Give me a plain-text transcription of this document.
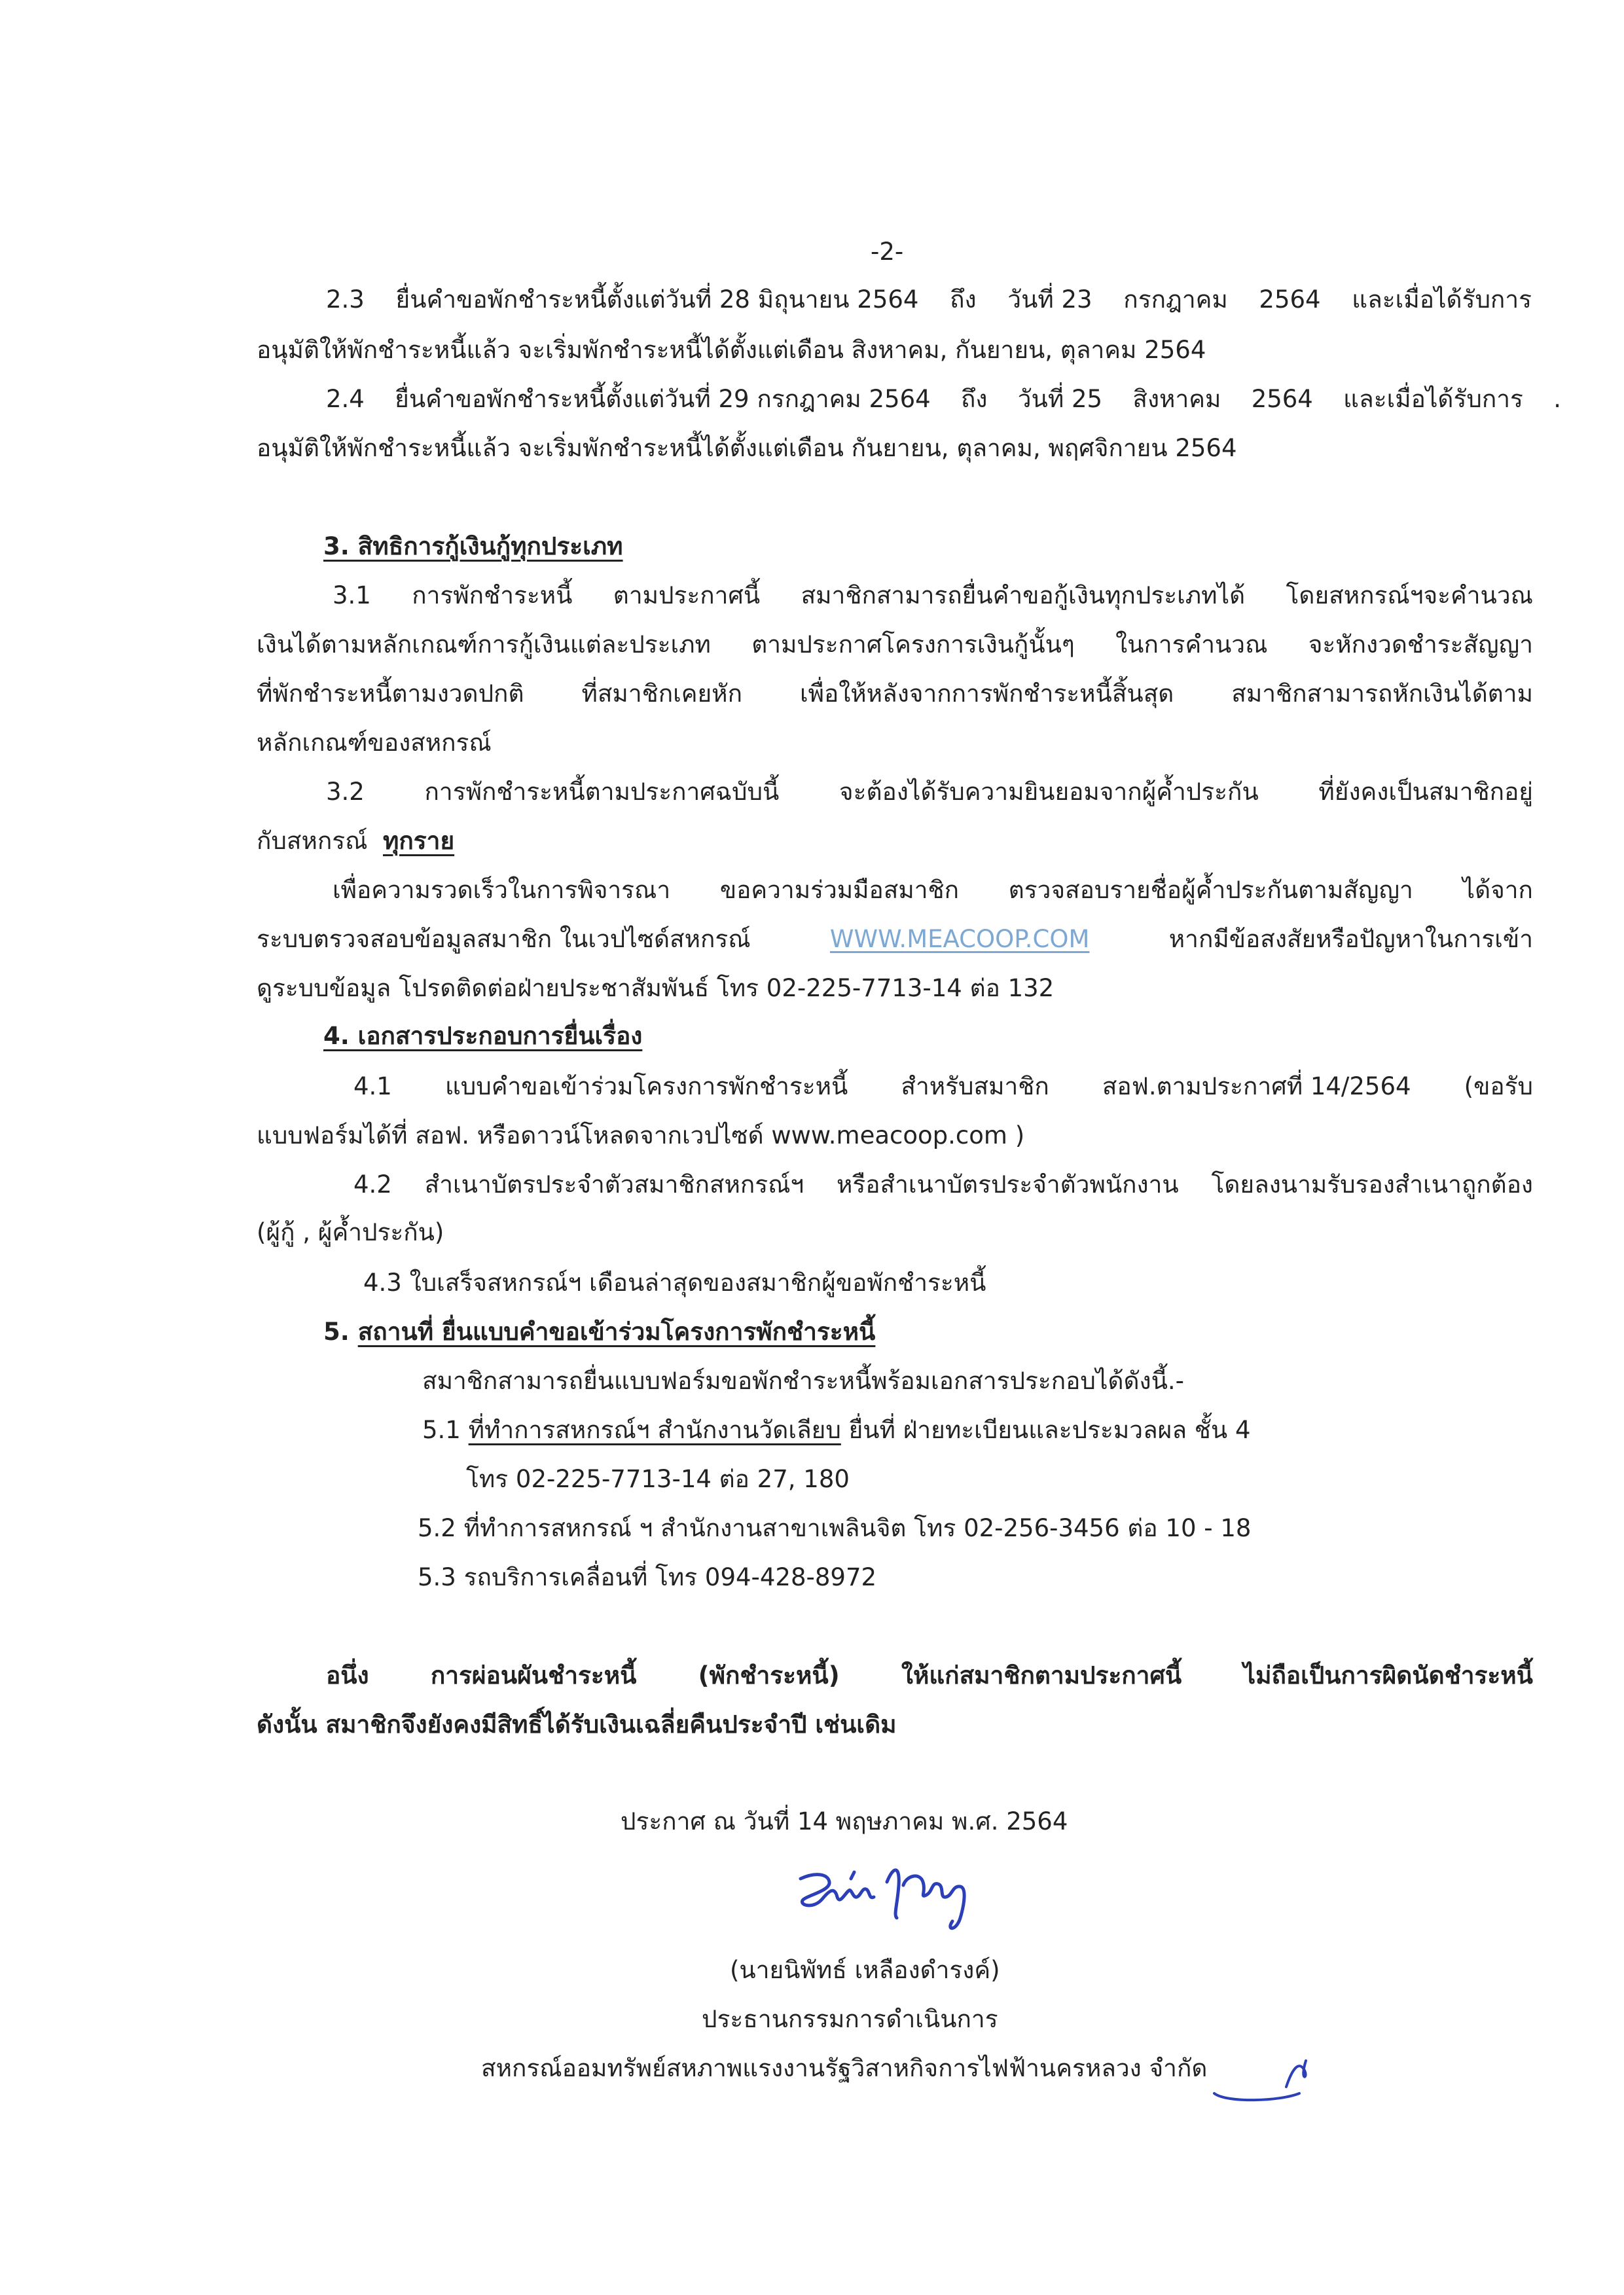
-2-
2.3 ยื่นคำขอพักชำระหนี้ตั้งแต่วันที่ 28 มิถุนายน 2564 ถึง วันที่ 23 กรกฎาคม 2564 และเมื่อได้รับการ
อนุมัติให้พักชำระหนี้แล้ว จะเริ่มพักชำระหนี้ได้ตั้งแต่เดือน สิงหาคม, กันยายน, ตุลาคม 2564
2.4 ยื่นคำขอพักชำระหนี้ตั้งแต่วันที่ 29 กรกฎาคม 2564 ถึง วันที่ 25 สิงหาคม 2564 และเมื่อได้รับการ .
อนุมัติให้พักชำระหนี้แล้ว จะเริ่มพักชำระหนี้ได้ตั้งแต่เดือน กันยายน, ตุลาคม, พฤศจิกายน 2564
3. สิทธิการกู้เงินกู้ทุกประเภท
3.1 การพักชำระหนี้ ตามประกาศนี้ สมาชิกสามารถยื่นคำขอกู้เงินทุกประเภทได้ โดยสหกรณ์ฯจะคำนวณ
เงินได้ตามหลักเกณฑ์การกู้เงินแต่ละประเภท ตามประกาศโครงการเงินกู้นั้นๆ ในการคำนวณ จะหักงวดชำระสัญญา
ที่พักชำระหนี้ตามงวดปกติ ที่สมาชิกเคยหัก เพื่อให้หลังจากการพักชำระหนี้สิ้นสุด สมาชิกสามารถหักเงินได้ตาม
หลักเกณฑ์ของสหกรณ์
3.2 การพักชำระหนี้ตามประกาศฉบับนี้ จะต้องได้รับความยินยอมจากผู้ค้ำประกัน ที่ยังคงเป็นสมาชิกอยู่
กับสหกรณ์ ทุกราย
เพื่อความรวดเร็วในการพิจารณา ขอความร่วมมือสมาชิก ตรวจสอบรายชื่อผู้ค้ำประกันตามสัญญา ได้จาก
ระบบตรวจสอบข้อมูลสมาชิก ในเวปไซด์สหกรณ์	WWW.MEACOOP.COM	หากมีข้อสงสัยหรือปัญหาในการเข้า
ดูระบบข้อมูล โปรดติดต่อฝ่ายประชาสัมพันธ์ โทร 02-225-7713-14 ต่อ 132
4. เอกสารประกอบการยื่นเรื่อง
4.1 แบบคำขอเข้าร่วมโครงการพักชำระหนี้ สำหรับสมาชิก สอฟ.ตามประกาศที่ 14/2564 (ขอรับ
แบบฟอร์มได้ที่ สอฟ. หรือดาวน์โหลดจากเวปไซด์ www.meacoop.com )
4.2 สำเนาบัตรประจำตัวสมาชิกสหกรณ์ฯ หรือสำเนาบัตรประจำตัวพนักงาน โดยลงนามรับรองสำเนาถูกต้อง
(ผู้กู้ , ผู้ค้ำประกัน)
4.3 ใบเสร็จสหกรณ์ฯ เดือนล่าสุดของสมาชิกผู้ขอพักชำระหนี้
5. สถานที่ ยื่นแบบคำขอเข้าร่วมโครงการพักชำระหนี้
สมาชิกสามารถยื่นแบบฟอร์มขอพักชำระหนี้พร้อมเอกสารประกอบได้ดังนี้.-
5.1 ที่ทำการสหกรณ์ฯ สำนักงานวัดเลียบ ยื่นที่ ฝ่ายทะเบียนและประมวลผล ชั้น 4
โทร 02-225-7713-14 ต่อ 27, 180
5.2 ที่ทำการสหกรณ์ ฯ สำนักงานสาขาเพลินจิต โทร 02-256-3456 ต่อ 10 - 18
5.3 รถบริการเคลื่อนที่ โทร 094-428-8972
อนึ่ง	การผ่อนผันชำระหนี้	(พักชำระหนี้)	ให้แก่สมาชิกตามประกาศนี้	ไม่ถือเป็นการผิดนัดชำระหนี้
ดังนั้น สมาชิกจึงยังคงมีสิทธิ์ได้รับเงินเฉลี่ยคืนประจำปี เช่นเดิม
ประกาศ ณ วันที่ 14 พฤษภาคม พ.ศ. 2564
(นายนิพัทธ์ เหลืองดำรงค์)
ประธานกรรมการดำเนินการ
สหกรณ์ออมทรัพย์สหภาพแรงงานรัฐวิสาหกิจการไฟฟ้านครหลวง จำกัด
